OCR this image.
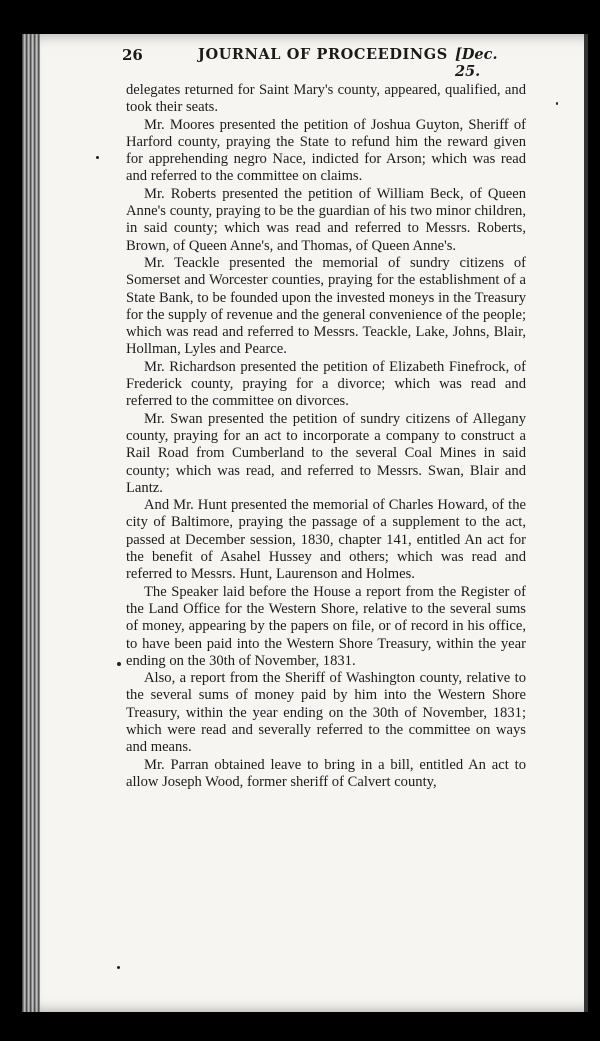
26	JOURNAL OF PROCEEDINGS [Dec. 25.

delegates returned for Saint Mary's county, appeared, qualified, and took their seats.

Mr. Moores presented the petition of Joshua Guyton, Sheriff of Harford county, praying the State to refund him the reward given for apprehending negro Nace, indicted for Arson; which was read and referred to the committee on claims.

Mr. Roberts presented the petition of William Beck, of Queen Anne's county, praying to be the guardian of his two minor children, in said county; which was read and referred to Messrs. Roberts, Brown, of Queen Anne's, and Thomas, of Queen Anne's.

Mr. Teackle presented the memorial of sundry citizens of Somerset and Worcester counties, praying for the establishment of a State Bank, to be founded upon the invested moneys in the Treasury for the supply of revenue and the general convenience of the people; which was read and referred to Messrs. Teackle, Lake, Johns, Blair, Hollman, Lyles and Pearce.

Mr. Richardson presented the petition of Elizabeth Finefrock, of Frederick county, praying for a divorce; which was read and referred to the committee on divorces.

Mr. Swan presented the petition of sundry citizens of Allegany county, praying for an act to incorporate a company to construct a Rail Road from Cumberland to the several Coal Mines in said county; which was read, and referred to Messrs. Swan, Blair and Lantz.

And Mr. Hunt presented the memorial of Charles Howard, of the city of Baltimore, praying the passage of a supplement to the act, passed at December session, 1830, chapter 141, entitled An act for the benefit of Asahel Hussey and others; which was read and referred to Messrs. Hunt, Laurenson and Holmes.

The Speaker laid before the House a report from the Register of the Land Office for the Western Shore, relative to the several sums of money, appearing by the papers on file, or of record in his office, to have been paid into the Western Shore Treasury, within the year ending on the 30th of November, 1831.

Also, a report from the Sheriff of Washington county, relative to the several sums of money paid by him into the Western Shore Treasury, within the year ending on the 30th of November, 1831; which were read and severally referred to the committee on ways and means.

Mr. Parran obtained leave to bring in a bill, entitled An act to allow Joseph Wood, former sheriff of Calvert county,
